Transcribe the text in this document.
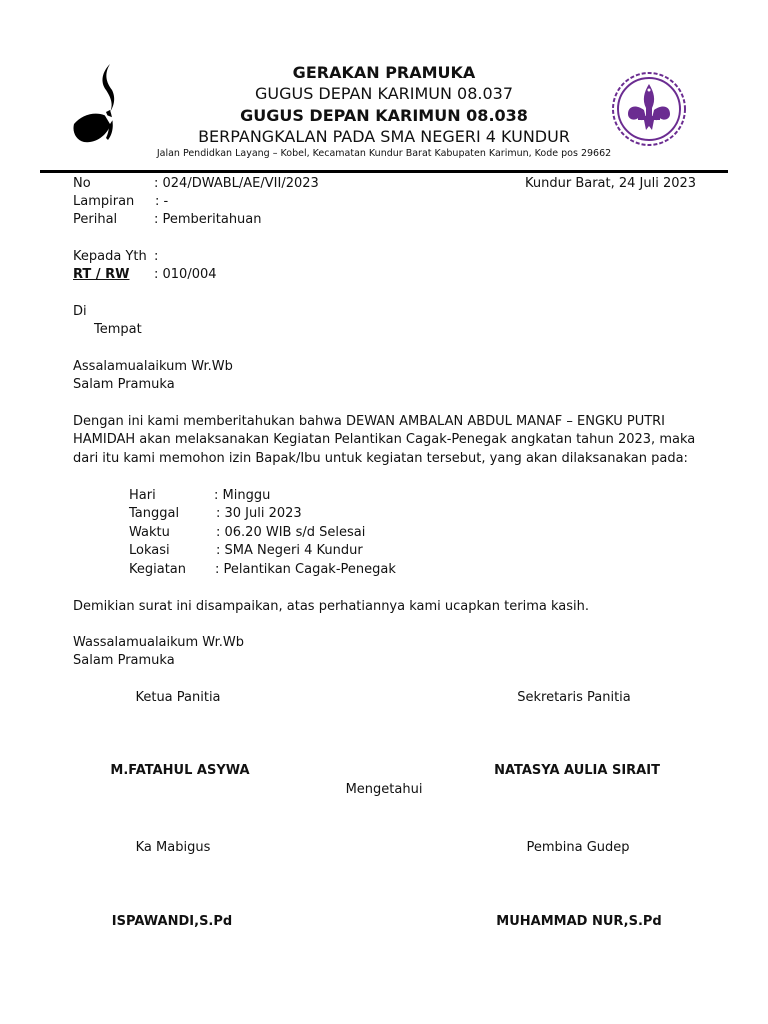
GERAKAN PRAMUKA
GUGUS DEPAN KARIMUN 08.037
GUGUS DEPAN KARIMUN 08.038
BERPANGKALAN PADA SMA NEGERI 4 KUNDUR
Jalan Pendidkan Layang – Kobel, Kecamatan Kundur Barat Kabupaten Karimun, Kode pos 29662
No	: 024/DWABL/AE/VII/2023	Kundur Barat, 24 Juli 2023
Lampiran : -
Perihal	: Pemberitahuan
Kepada Yth :
RT / RW : 010/004
Di
Tempat
Assalamualaikum Wr.Wb
Salam Pramuka
Dengan ini kami memberitahukan bahwa DEWAN AMBALAN ABDUL MANAF – ENGKU PUTRI
HAMIDAH akan melaksanakan Kegiatan Pelantikan Cagak-Penegak angkatan tahun 2023, maka
dari itu kami memohon izin Bapak/Ibu untuk kegiatan tersebut, yang akan dilaksanakan pada:
Hari	: Minggu
Tanggal	: 30 Juli 2023
Waktu	: 06.20 WIB s/d Selesai
Lokasi	: SMA Negeri 4 Kundur
Kegiatan : Pelantikan Cagak-Penegak
Demikian surat ini disampaikan, atas perhatiannya kami ucapkan terima kasih.
Wassalamualaikum Wr.Wb
Salam Pramuka
Ketua Panitia	Sekretaris Panitia
M.FATAHUL ASYWA	NATASYA AULIA SIRAIT
Mengetahui
Ka Mabigus	Pembina Gudep
ISPAWANDI,S.Pd	MUHAMMAD NUR,S.Pd
